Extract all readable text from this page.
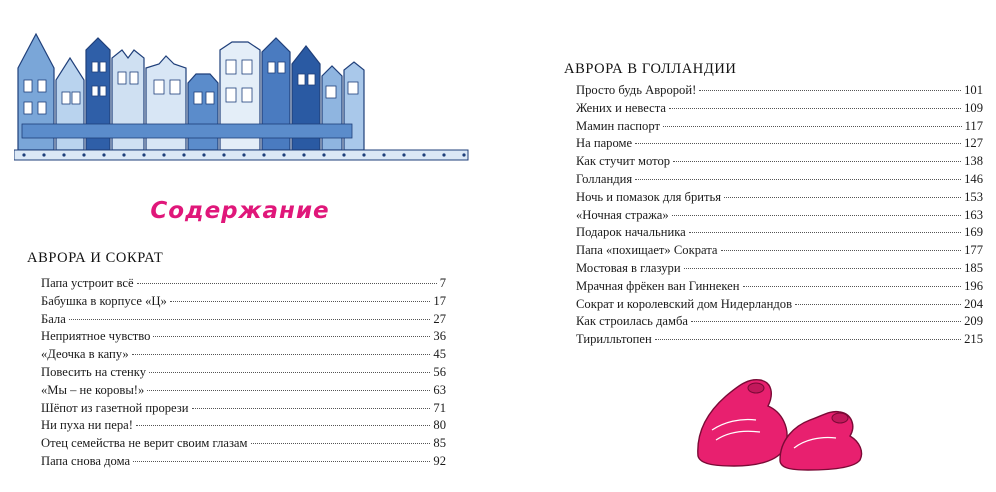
Содержание
АВРОРА И СОКРАТ
Папа устроит всё	7
Бабушка в корпусе «Ц»	17
Бала	27
Неприятное чувство	36
«Деочка в капу»	45
Повесить на стенку	56
«Мы – не коровы!»	63
Шёпот из газетной прорези	71
Ни пуха ни пера!	80
Отец семейства не верит своим глазам	85
Папа снова дома	92
АВРОРА В ГОЛЛАНДИИ
Просто будь Авророй!	101
Жених и невеста	109
Мамин паспорт	117
На пароме	127
Как стучит мотор	138
Голландия	146
Ночь и помазок для бритья	153
«Ночная стража»	163
Подарок начальника	169
Папа «похищает» Сократа	177
Мостовая в глазури	185
Мрачная фрёкен ван Гиннекен	196
Сократ и королевский дом Нидерландов	204
Как строилась дамба	209
Тирилльтопен	215
